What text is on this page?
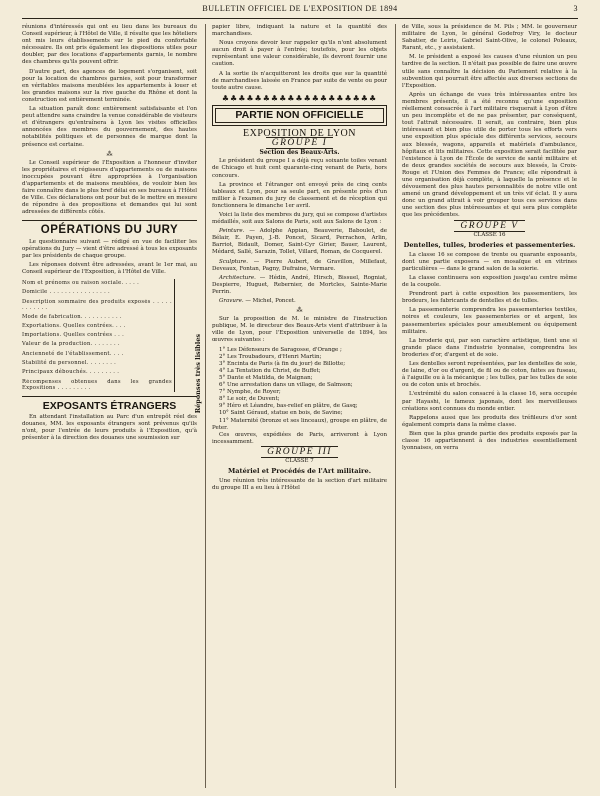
BULLETIN OFFICIEL DE L'EXPOSITION DE 1894	3

réunions d'intéressés qui ont eu lieu dans les bureaux du Conseil supérieur, à l'Hôtel de Ville, il résulte que les hôteliers ont mis leurs établissements sur le pied du confortable nécessaire. Ils ont pris également les dispositions utiles pour doubler, par des locations d'appartements garnis, le nombre des chambres qu'ils pouvent offrir.

D'autre part, des agences de logement s'organisent, soit pour la location de chambres garnies, soit pour transformer en véritables maisons meublées les appartements à louer et les grandes maisons sur la rive gauche du Rhône et dont la construction est entièrement terminée.

La situation paraît donc entièrement satisfaisante et l'on peut attendre sans craindre la venue considérable de visiteurs et d'étrangers qu'entraînera à Lyon les visites officielles annoncées des membres du gouvernement, des hautes notabilités politiques et de personnes de marque dont la présence est certaine.

⁂

Le Conseil supérieur de l'Exposition a l'honneur d'inviter les propriétaires et régisseurs d'appartements ou de maisons inoccupées pouvant être appropriées à l'organisation d'appartements et de maisons meublées, de vouloir bien les faire connaître dans le plus bref délai en ses bureaux à l'Hôtel de Ville. Ces déclarations ont pour but de le mettre en mesure de répondre à des propositions et demandes qui lui sont adressées de différents côtés.

OPÉRATIONS DU JURY

Le questionnaire suivant — rédigé en vue de faciliter les opérations du Jury — vient d'être adressé à tous les exposants par les présidents de chaque groupe.

Les réponses doivent être adressées, avant le 1er mai, au Conseil supérieur de l'Exposition, à l'Hôtel de Ville.

Nom et prénoms ou raison sociale. . . . .
Domicile . . . . . . . . . . . . . . . .
Description sommaire des produits exposés . . . . . . . . . . . .
Mode de fabrication. . . . . . . . . . .
Exportations. Quelles contrées. . . .
Importations. Quelles contrées . . .
Valeur de la production. . . . . . . .
Ancienneté de l'établissement. . . .
Stabilité du personnel. . . . . . . .
Principaux débouchés. . . . . . . . .
Récompenses obtenues dans les grandes Expositions . . . . . . . . .	Réponses très lisibles
EXPOSANTS ÉTRANGERS

En attendant l'installation au Parc d'un entrepôt réel des douanes, MM. les exposants étrangers sont prévenus qu'ils n'ont, pour l'entrée de leurs produits à l'Exposition, qu'à présenter à la direction des douanes une soumission sur

papier libre, indiquant la nature et la quantité des marchandises.

Nous croyons devoir leur rappeler qu'ils n'ont absolument aucun droit à payer à l'entrée; toutefois, pour les objets représentant une valeur considérable, ils devront fournir une caution.

A la sortie ils n'acquitteront les droits que sur la quantité de marchandises laissée en France par suite de vente ou pour toute autre cause.

♣♣♣♣♣♣♣♣♣♣♣♣♣♣♣♣♣♣♣
PARTIE NON OFFICIELLE
EXPOSITION DE LYON
GROUPE I
Section des Beaux-Arts.

Le président du groupe I a déjà reçu soixante toiles venant de Chicago et huit cent quarante-cinq venant de Paris, hors concours.

La province et l'étranger ont envoyé près de cinq cents tableaux et Lyon, pour sa seule part, en présente près d'un millier à l'examen du jury de classement et de réception qui fonctionnera le dimanche 1er avril.

Voici la liste des membres du jury, qui se compose d'artistes médaillés, soit aux Salons de Paris, soit aux Salons de Lyon :

Peinture. — Adolphe Appian, Beauverie, Baboulet, de Bélair, E. Payen, J.-B. Poncet, Sicard, Perrachon, Arlin, Barriot, Bidault, Domer, Saint-Cyr Girier, Bauer, Laurent, Médard, Sallé, Sarazin, Tollet, Villard, Roman, de Cocquerel.

Sculpture. — Pierre Aubert, de Gravillon, Millefaut, Deveaux, Fontan, Pagny, Dufraine, Vermare.

Architecture. — Hédin, André, Hirsch, Bissuel, Rogniat, Despierre, Huguet, Rebernier, de Mortcles, Sainte-Marie Perrin.

Gravure. — Michel, Poncet.

⁂

Sur la proposition de M. le ministre de l'instruction publique, M. le directeur des Beaux-Arts vient d'attribuer à la ville de Lyon, pour l'Exposition universelle de 1894, les œuvres suivantes :

1° Les Défenseurs de Saragosse, d'Orange ;
2° Les Troubadours, d'Henri Martin;
3° Encinta de Paris (à fin du jour) de Billotte;
4° La Tentation du Christ, de Buffet;
5° Dante et Matilda, de Maignan;
6° Une arrestation dans un village, de Salmson;
7° Nymphe, de Royer;
8° Le soir, de Duvent;
9° Héro et Léandre, bas-relief en plâtre, de Gasq;
10° Saint Géraud, statue en bois, de Savine;
11° Maternité (bronze et ses linceaux), groupe en plâtre, de Peter.

Ces œuvres, expédiées de Paris, arriveront à Lyon incessamment.

GROUPE III
CLASSE 7
Matériel et Procédés de l'Art militaire.

Une réunion très intéressante de la section d'art militaire du groupe III a eu lieu à l'Hôtel

de Ville, sous la présidence de M. Pils ; MM. le gouverneur militaire de Lyon, le général Godefroy Viry, le docteur Sabatier, de Leiris, Gabriel Saint-Olive, le colonel Poleaux, Rarant, etc., y assistaient.

M. le président a exposé les causes d'une réunion un peu tardive de la section. Il n'était pas possible de faire une œuvre utile sans connaître la décision du Parlement relative à la subvention qui pourrait être affectée aux diverses sections de l'Exposition.

Après un échange de vues très intéressantes entre les membres présents, il a été reconnu qu'une exposition réellement consacrée à l'art militaire risquerait à Lyon d'être un peu incomplète et de ne pas présenter, par conséquent, tout l'attrait nécessaire. Il serait, au contraire, bien plus intéressant et bien plus utile de porter tous les efforts vers une exposition plus spéciale des différents services, secours aux blessés, wagons, appareils et matériels d'ambulance, hôpitaux et lits militaires. Cette exposition serait facilitée par l'existence à Lyon de l'École de service de santé militaire et de deux grandes sociétés de secours aux blessés, la Croix-Rouge et l'Union des Femmes de France; elle répondrait à une organisation déjà complète, à laquelle la présence et le dévouement des plus hautes personnalités de notre ville ont amené un grand développement et un très vif éclat. Il y aura donc un grand attrait à voir grouper tous ces services dans une section des plus intéressantes et qui sera plus complète que les précédentes.

GROUPE V
CLASSE 16
Dentelles, tulles, broderies et passementeries.

La classe 16 se compose de trente ou quarante exposants, dont une partie exposera — en mosaïque et en vitrines particulières — dans le grand salon de la soierie.

La classe continuera son exposition jusqu'au centre même de la coupole.

Prendront part à cette exposition les passementiers, les brodeurs, les fabricants de dentelles et de tulles.

La passementerie comprendra les passementeries textiles, noires et couleurs, les passementeries or et argent, les passementeries spéciales pour ameublement ou équipement militaire.

La broderie qui, par son caractère artistique, tient une si grande place dans l'industrie lyonnaise, comprendra les broderies d'or, d'argent et de soie.

Les dentelles seront représentées, par les dentelles de soie, de laine, d'or ou d'argent, de fil ou de coton, faites au fuseau, à l'aiguille ou à la mécanique ; les tulles, par les tulles de soie ou de coton unis et brochés.

L'extrémité du salon consacré à la classe 16, sera occupée par Hayashi, le fameux japonais, dont les merveilleuses créations sont connues du monde entier.

Rappelons aussi que les produits des tréfileurs d'or sont également compris dans la même classe.

Bien que la plus grande partie des produits exposés par la classe 16 appartiennent à des industries essentiellement lyonnaises, on verra
